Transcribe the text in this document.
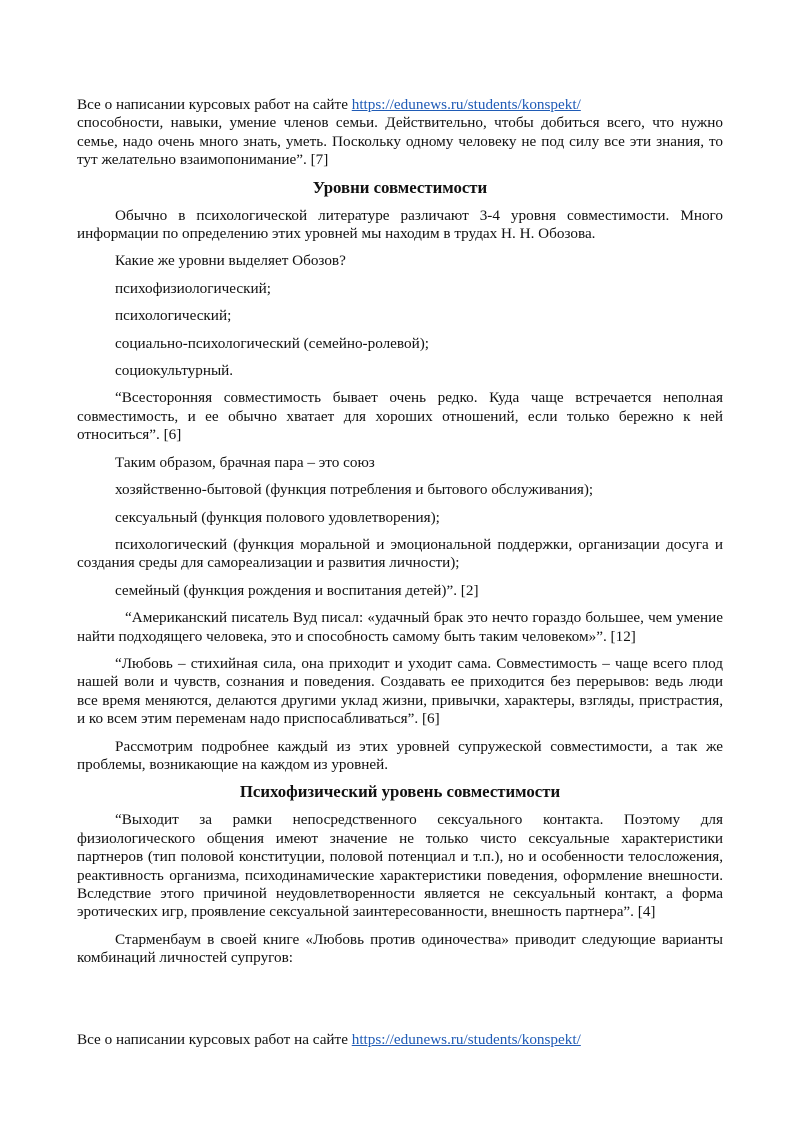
Все о написании курсовых работ на сайте https://edunews.ru/students/konspekt/

способности, навыки, умение членов семьи. Действительно, чтобы добиться всего, что нужно семье, надо очень много знать, уметь. Поскольку одному человеку не под силу все эти знания, то тут желательно взаимопонимание”. [7]

Уровни совместимости

Обычно в психологической литературе различают 3-4 уровня совместимости. Много информации по определению этих уровней мы находим в трудах Н. Н. Обозова.

Какие же уровни выделяет Обозов?

психофизиологический;

психологический;

социально-психологический (семейно-ролевой);

социокультурный.

“Всесторонняя совместимость бывает очень редко. Куда чаще встречается неполная совместимость, и ее обычно хватает для хороших отношений, если только бережно к ней относиться”. [6]

Таким образом, брачная пара – это союз

хозяйственно-бытовой (функция потребления и бытового обслуживания);

сексуальный (функция полового удовлетворения);

психологический (функция моральной и эмоциональной поддержки, организации досуга и создания среды для самореализации и развития личности);

семейный (функция рождения и воспитания детей)”. [2]

“Американский писатель Вуд писал: «удачный брак это нечто гораздо большее, чем умение найти подходящего человека, это и способность самому быть таким человеком»”. [12]

“Любовь – стихийная сила, она приходит и уходит сама. Совместимость – чаще всего плод нашей воли и чувств, сознания и поведения. Создавать ее приходится без перерывов: ведь люди все время меняются, делаются другими уклад жизни, привычки, характеры, взгляды, пристрастия, и ко всем этим переменам надо приспосабливаться”. [6]

Рассмотрим подробнее каждый из этих уровней супружеской совместимости, а так же проблемы, возникающие на каждом из уровней.

Психофизический уровень совместимости

“Выходит за рамки непосредственного сексуального контакта. Поэтому для физиологического общения имеют значение не только чисто сексуальные характеристики партнеров (тип половой конституции, половой потенциал и т.п.), но и особенности телосложения, реактивность организма, психодинамические характеристики поведения, оформление внешности. Вследствие этого причиной неудовлетворенности является не сексуальный контакт, а форма эротических игр, проявление сексуальной заинтересованности, внешность партнера”. [4]

Старменбаум в своей книге «Любовь против одиночества» приводит следующие варианты комбинаций личностей супругов:

Все о написании курсовых работ на сайте https://edunews.ru/students/konspekt/
